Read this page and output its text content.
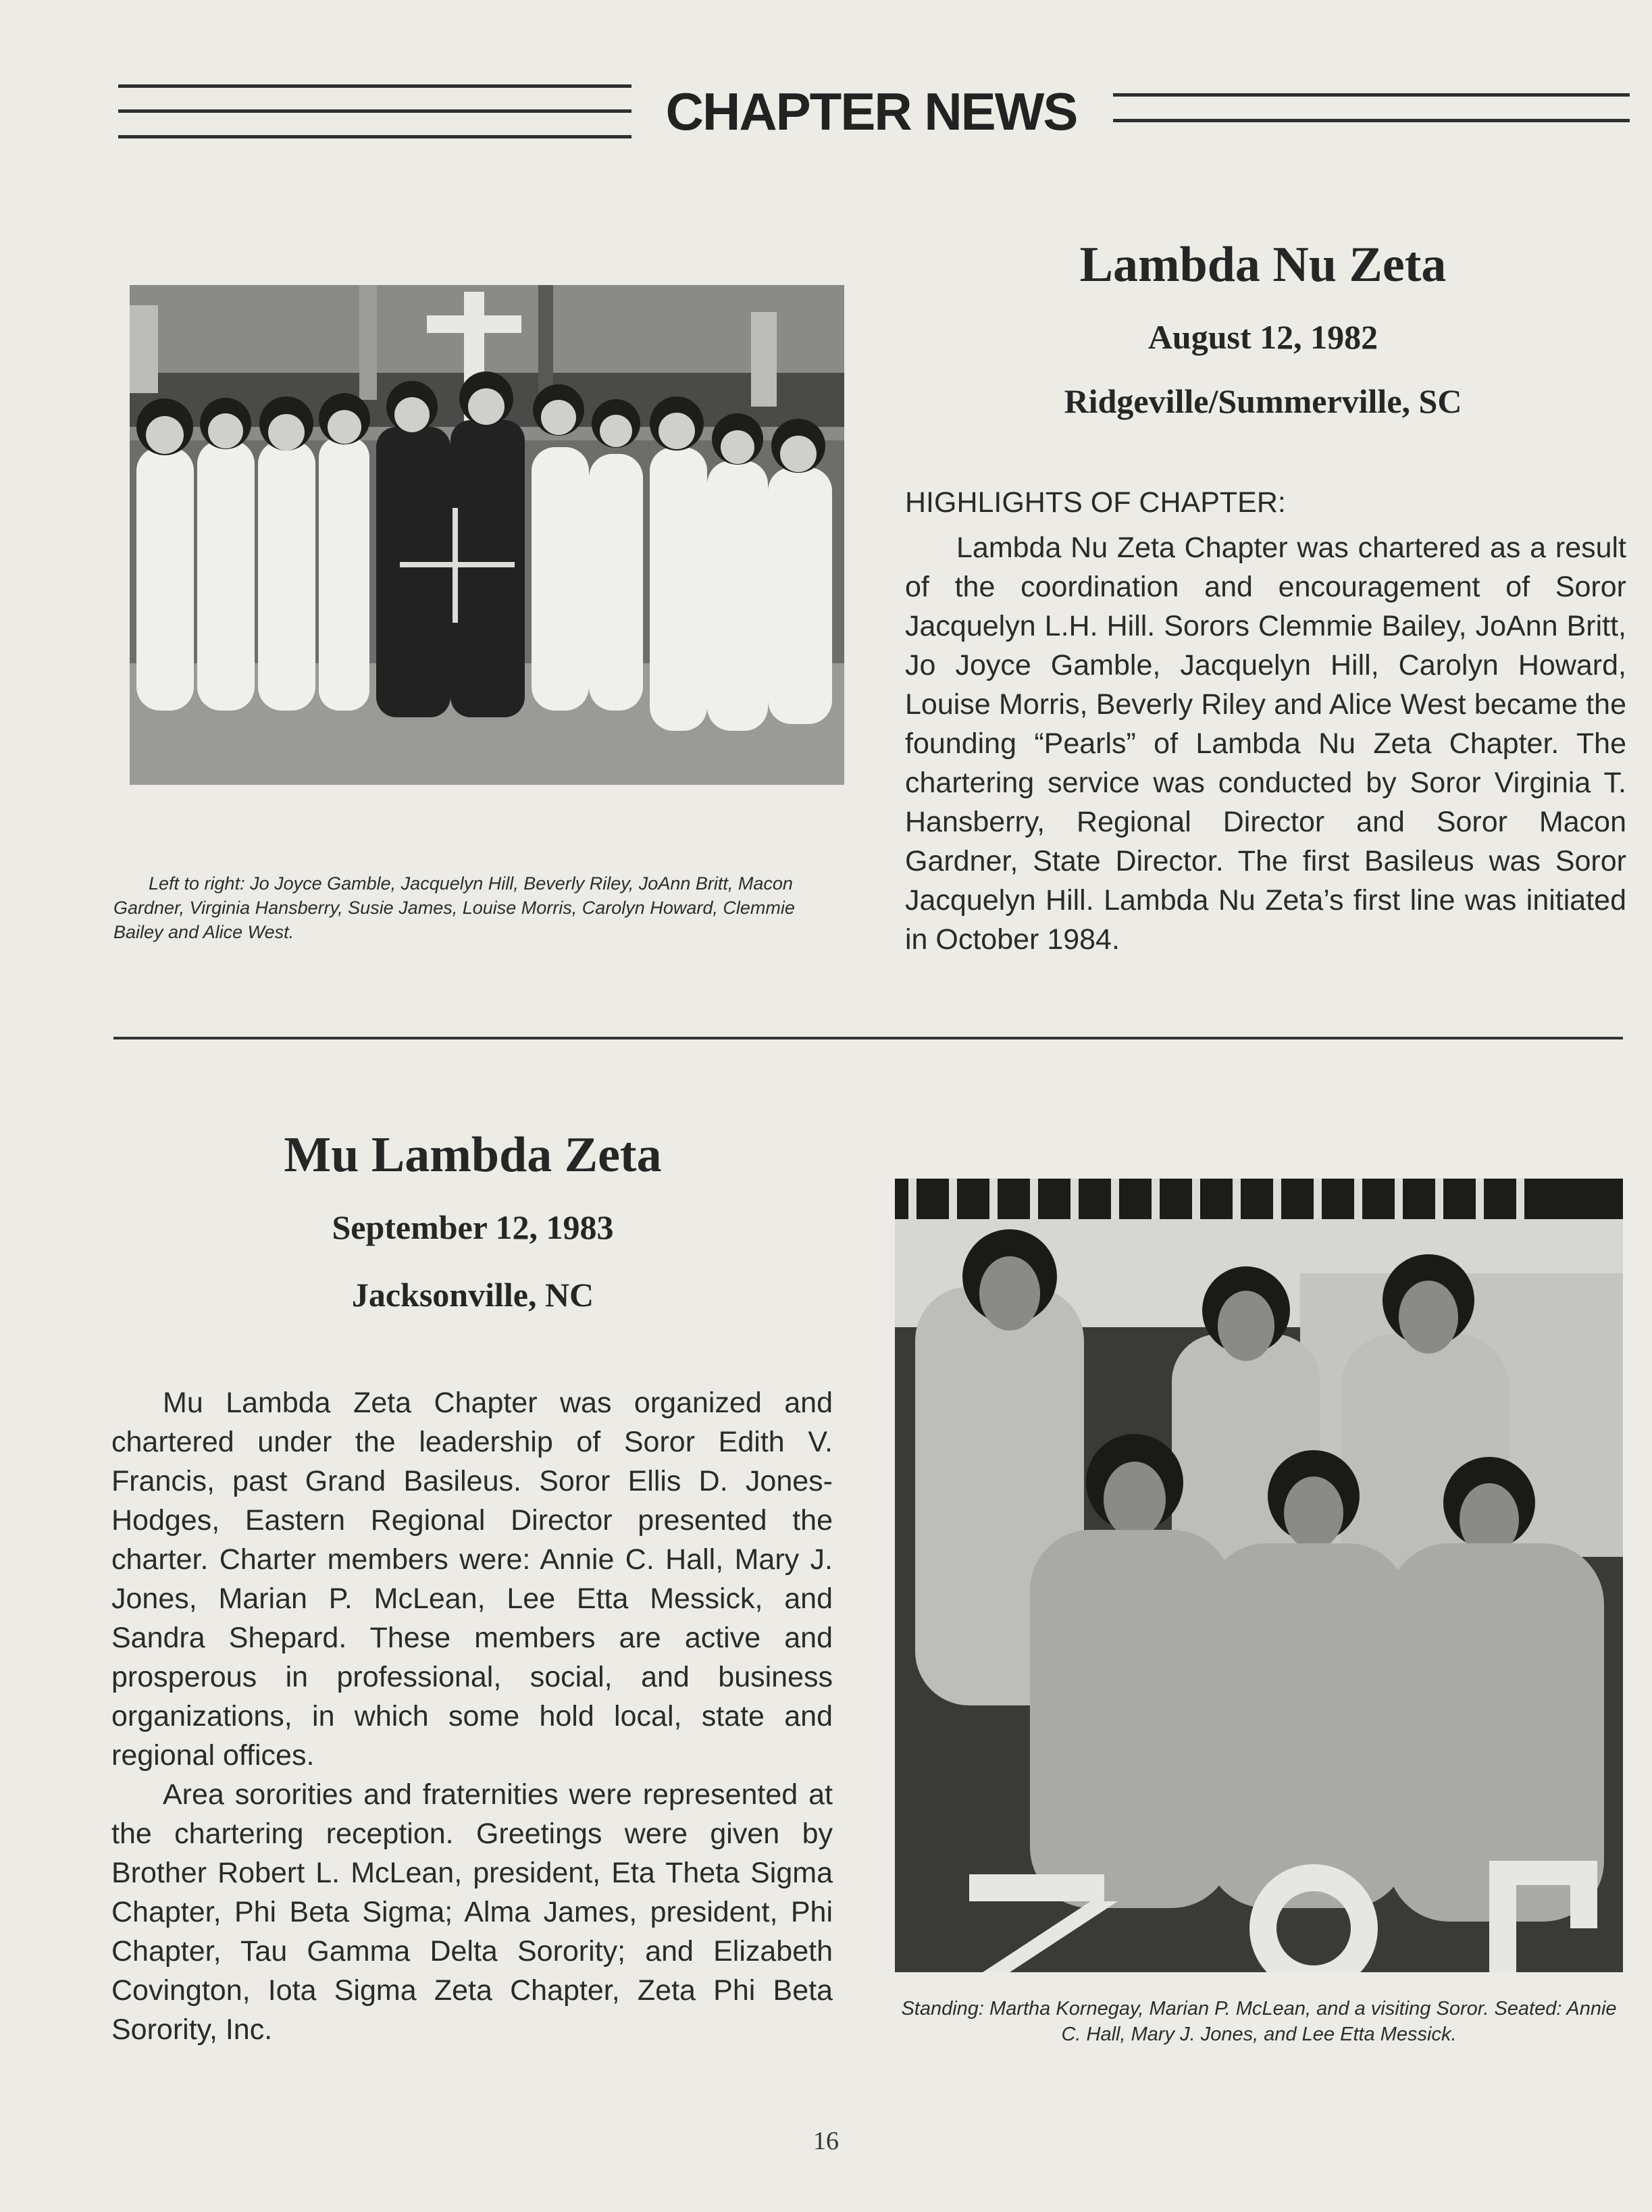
CHAPTER NEWS
Left to right: Jo Joyce Gamble, Jacquelyn Hill, Beverly Riley, JoAnn Britt, Macon Gardner, Virginia Hansberry, Susie James, Louise Morris, Carolyn Howard, Clemmie Bailey and Alice West.
Lambda Nu Zeta
August 12, 1982
Ridgeville/Summerville, SC
HIGHLIGHTS OF CHAPTER:

Lambda Nu Zeta Chapter was chartered as a result of the coordination and encouragement of Soror Jacquelyn L.H. Hill. Sorors Clemmie Bailey, JoAnn Britt, Jo Joyce Gamble, Jacquelyn Hill, Carolyn Howard, Louise Morris, Beverly Riley and Alice West became the founding “Pearls” of Lambda Nu Zeta Chapter. The chartering service was conducted by Soror Virginia T. Hansberry, Regional Director and Soror Macon Gardner, State Director. The first Basileus was Soror Jacquelyn Hill. Lambda Nu Zeta’s first line was initiated in October 1984.

Mu Lambda Zeta
September 12, 1983
Jacksonville, NC

Mu Lambda Zeta Chapter was organized and chartered under the leadership of Soror Edith V. Francis, past Grand Basileus. Soror Ellis D. Jones-Hodges, Eastern Regional Director presented the charter. Charter members were: Annie C. Hall, Mary J. Jones, Marian P. McLean, Lee Etta Messick, and Sandra Shepard. These members are active and prosperous in professional, social, and business organizations, in which some hold local, state and regional offices.

Area sororities and fraternities were represented at the chartering reception. Greetings were given by Brother Robert L. McLean, president, Eta Theta Sigma Chapter, Phi Beta Sigma; Alma James, president, Phi Chapter, Tau Gamma Delta Sorority; and Elizabeth Covington, Iota Sigma Zeta Chapter, Zeta Phi Beta Sorority, Inc.

Standing: Martha Kornegay, Marian P. McLean, and a visiting Soror. Seated: Annie C. Hall, Mary J. Jones, and Lee Etta Messick.
16
